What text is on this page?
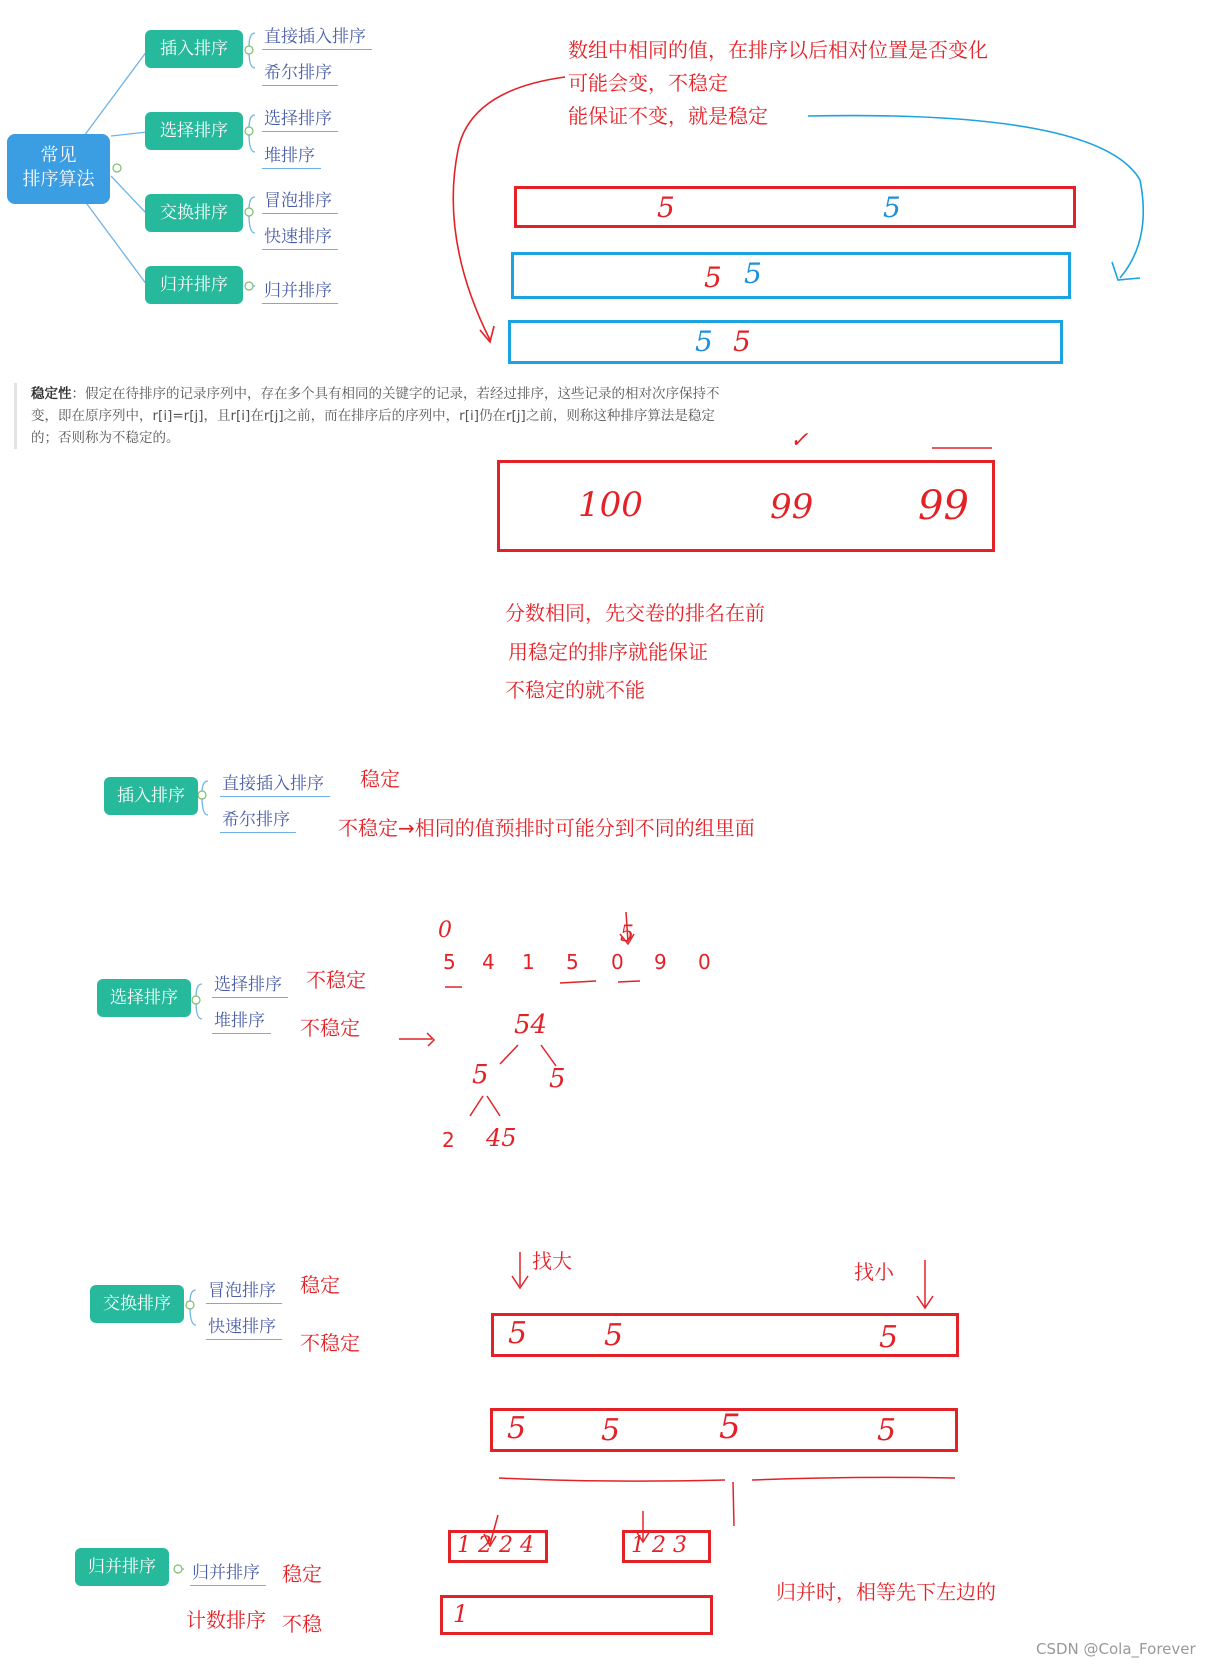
常见
排序算法
插入排序
直接插入排序
希尔排序
选择排序
选择排序
堆排序
交换排序
冒泡排序
快速排序
归并排序	归并排序
数组中相同的值，在排序以后相对位置是否变化
可能会变，不稳定
能保证不变，就是稳定
5	5
5 5
5 5
稳定性：假定在待排序的记录序列中，存在多个具有相同的关键字的记录，若经过排序，这些记录的相对次序保持不变，即在原序列中，r[i]=r[j]，且r[i]在r[j]之前，而在排序后的序列中，r[i]仍在r[j]之前，则称这种排序算法是稳定的；否则称为不稳定的。	✓
100	99	99
分数相同，先交卷的排名在前
用稳定的排序就能保证
不稳定的就不能
插入排序
直接插入排序
希尔排序
稳定
不稳定→相同的值预排时可能分到不同的组里面
选择排序
选择排序
堆排序
不稳定
不稳定
0	5
5 4 1 5 0 9 0
54
5 5
2 45
交换排序
冒泡排序
快速排序
稳定
不稳定
找大	找小
5	5	5
5 5	5	5
归并排序	归并排序	稳定
计数排序 不稳
1 2 2 4	1 2 3
1
归并时，相等先下左边的
CSDN @Cola_Forever
